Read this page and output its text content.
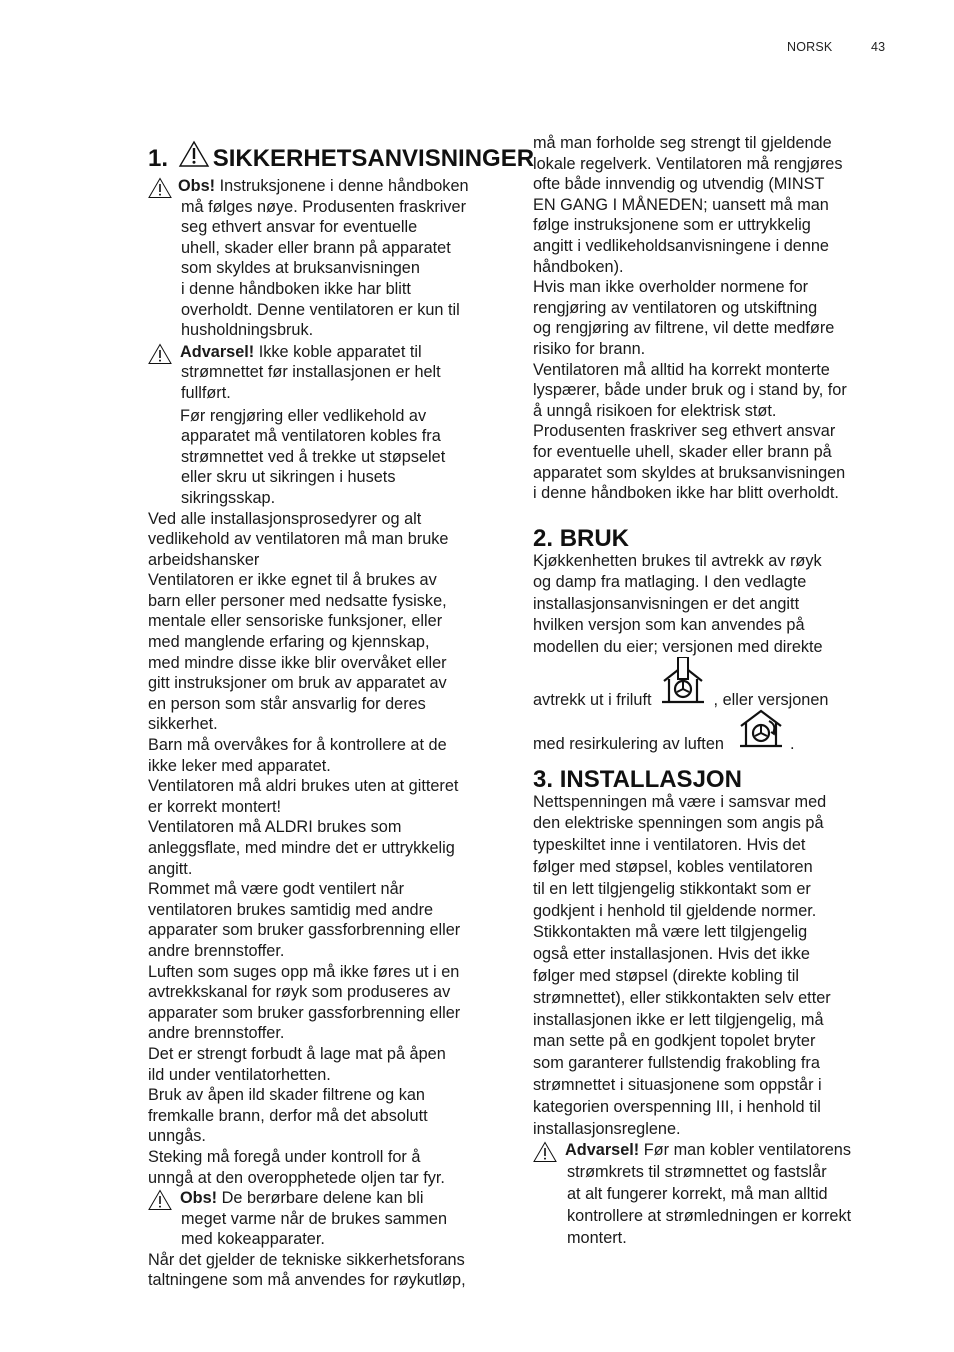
NORSK	43
1. SIKKERHETSANVISNINGER
Obs! Instruksjonene i denne håndboken
må følges nøye. Produsenten fraskriver
seg ethvert ansvar for eventuelle
uhell, skader eller brann på apparatet
som skyldes at bruksanvisningen
i denne håndboken ikke har blitt
overholdt. Denne ventilatoren er kun til
husholdningsbruk.
Advarsel! Ikke koble apparatet til
strømnettet før installasjonen er helt
fullført.
Før rengjøring eller vedlikehold av
apparatet må ventilatoren kobles fra
strømnettet ved å trekke ut støpselet
eller skru ut sikringen i husets
sikringsskap.
Ved alle installasjonsprosedyrer og alt
vedlikehold av ventilatoren må man bruke
arbeidshansker
Ventilatoren er ikke egnet til å brukes av
barn eller personer med nedsatte fysiske,
mentale eller sensoriske funksjoner, eller
med manglende erfaring og kjennskap,
med mindre disse ikke blir overvåket eller
gitt instruksjoner om bruk av apparatet av
en person som står ansvarlig for deres
sikkerhet.
Barn må overvåkes for å kontrollere at de
ikke leker med apparatet.
Ventilatoren må aldri brukes uten at gitteret
er korrekt montert!
Ventilatoren må ALDRI brukes som
anleggsflate, med mindre det er uttrykkelig
angitt.
Rommet må være godt ventilert når
ventilatoren brukes samtidig med andre
apparater som bruker gassforbrenning eller
andre brennstoffer.
Luften som suges opp må ikke føres ut i en
avtrekkskanal for røyk som produseres av
apparater som bruker gassforbrenning eller
andre brennstoffer.
Det er strengt forbudt å lage mat på åpen
ild under ventilatorhetten.
Bruk av åpen ild skader filtrene og kan
fremkalle brann, derfor må det absolutt
unngås.
Steking må foregå under kontroll for å
unngå at den overopphetede oljen tar fyr.
Obs! De berørbare delene kan bli
meget varme når de brukes sammen
med kokeapparater.
Når det gjelder de tekniske sikkerhetsforans
taltningene som må anvendes for røykutløp,
må man forholde seg strengt til gjeldende
lokale regelverk. Ventilatoren må rengjøres
ofte både innvendig og utvendig (MINST
EN GANG I MÅNEDEN; uansett må man
følge instruksjonene som er uttrykkelig
angitt i vedlikeholdsanvisningene i denne
håndboken).
Hvis man ikke overholder normene for
rengjøring av ventilatoren og utskiftning
og rengjøring av filtrene, vil dette medføre
risiko for brann.
Ventilatoren må alltid ha korrekt monterte
lyspærer, både under bruk og i stand by, for
å unngå risikoen for elektrisk støt.
Produsenten fraskriver seg ethvert ansvar
for eventuelle uhell, skader eller brann på
apparatet som skyldes at bruksanvisningen
i denne håndboken ikke har blitt overholdt.
2. BRUK
Kjøkkenhetten brukes til avtrekk av røyk
og damp fra matlaging. I den vedlagte
installasjonsanvisningen er det angitt
hvilken versjon som kan anvendes på
modellen du eier; versjonen med direkte
avtrekk ut i friluft	, eller versjonen
med resirkulering av luften	.
3. INSTALLASJON
Nettspenningen må være i samsvar med
den elektriske spenningen som angis på
typeskiltet inne i ventilatoren. Hvis det
følger med støpsel, kobles ventilatoren
til en lett tilgjengelig stikkontakt som er
godkjent i henhold til gjeldende normer.
Stikkontakten må være lett tilgjengelig
også etter installasjonen. Hvis det ikke
følger med støpsel (direkte kobling til
strømnettet), eller stikkontakten selv etter
installasjonen ikke er lett tilgjengelig, må
man sette på en godkjent topolet bryter
som garanterer fullstendig frakobling fra
strømnettet i situasjonene som oppstår i
kategorien overspenning III, i henhold til
installasjonsreglene.
Advarsel! Før man kobler ventilatorens
strømkrets til strømnettet og fastslår
at alt fungerer korrekt, må man alltid
kontrollere at strømledningen er korrekt
montert.
